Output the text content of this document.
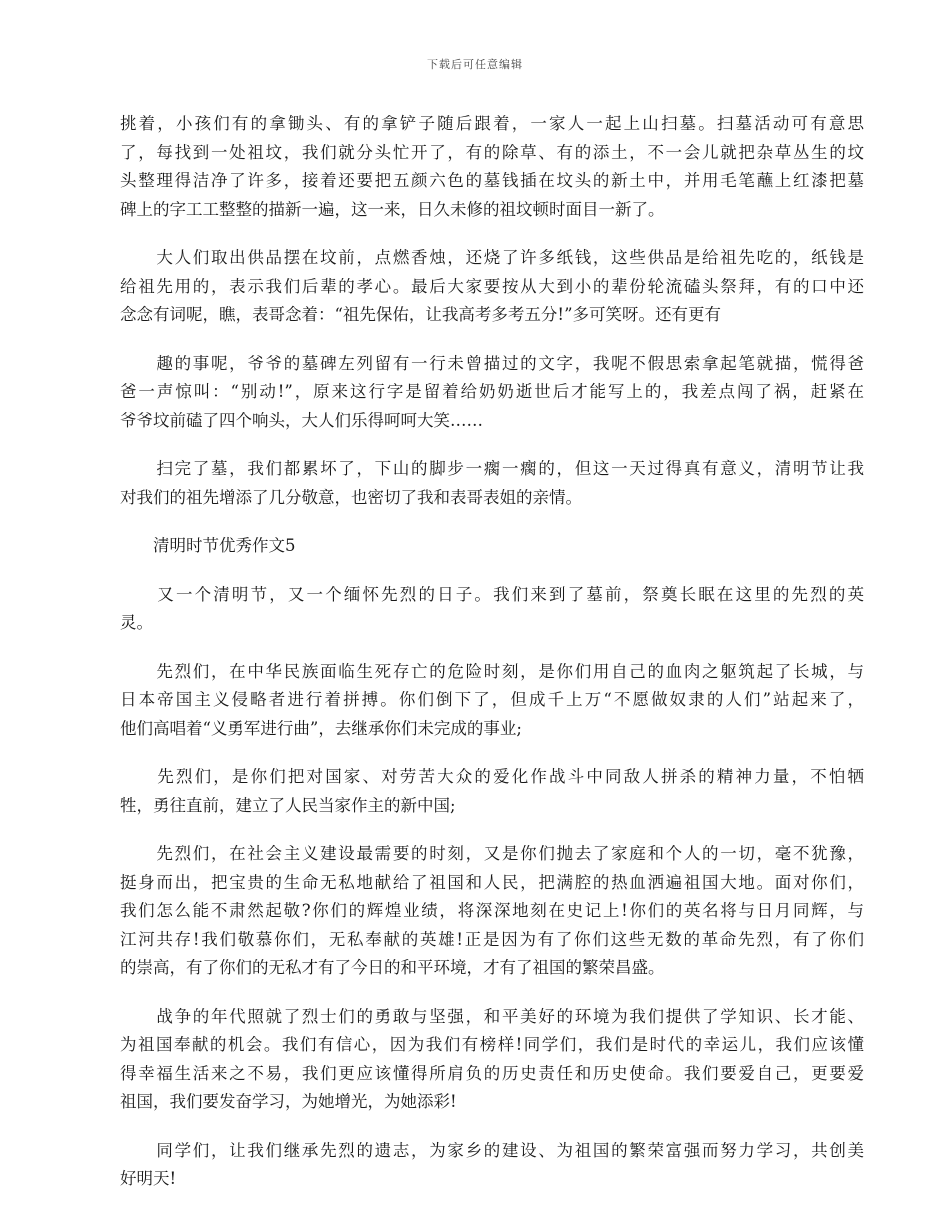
下载后可任意编辑
挑着，小孩们有的拿锄头、有的拿铲子随后跟着，一家人一起上山扫墓。扫墓活动可有意思
了，每找到一处祖坟，我们就分头忙开了，有的除草、有的添土，不一会儿就把杂草丛生的坟
头整理得洁净了许多，接着还要把五颜六色的墓钱插在坟头的新土中，并用毛笔蘸上红漆把墓
碑上的字工工整整的描新一遍，这一来，日久未修的祖坟顿时面目一新了。
　　大人们取出供品摆在坟前，点燃香烛，还烧了许多纸钱，这些供品是给祖先吃的，纸钱是
给祖先用的，表示我们后辈的孝心。最后大家要按从大到小的辈份轮流磕头祭拜，有的口中还
念念有词呢，瞧，表哥念着：“祖先保佑，让我高考多考五分!”多可笑呀。还有更有
　　趣的事呢，爷爷的墓碑左列留有一行未曾描过的文字，我呢不假思索拿起笔就描，慌得爸
爸一声惊叫：“别动!”，原来这行字是留着给奶奶逝世后才能写上的，我差点闯了祸，赶紧在
爷爷坟前磕了四个响头，大人们乐得呵呵大笑……
　　扫完了墓，我们都累坏了，下山的脚步一瘸一瘸的，但这一天过得真有意义，清明节让我
对我们的祖先增添了几分敬意，也密切了我和表哥表姐的亲情。
　　清明时节优秀作文5
　　又一个清明节，又一个缅怀先烈的日子。我们来到了墓前，祭奠长眠在这里的先烈的英
灵。
　　先烈们，在中华民族面临生死存亡的危险时刻，是你们用自己的血肉之躯筑起了长城，与
日本帝国主义侵略者进行着拼搏。你们倒下了，但成千上万“不愿做奴隶的人们”站起来了，
他们高唱着“义勇军进行曲”，去继承你们未完成的事业;
　　先烈们，是你们把对国家、对劳苦大众的爱化作战斗中同敌人拼杀的精神力量，不怕牺
牲，勇往直前，建立了人民当家作主的新中国;
　　先烈们，在社会主义建设最需要的时刻，又是你们抛去了家庭和个人的一切，毫不犹豫，
挺身而出，把宝贵的生命无私地献给了祖国和人民，把满腔的热血洒遍祖国大地。面对你们，
我们怎么能不肃然起敬?你们的辉煌业绩，将深深地刻在史记上!你们的英名将与日月同辉，与
江河共存!我们敬慕你们，无私奉献的英雄!正是因为有了你们这些无数的革命先烈，有了你们
的崇高，有了你们的无私才有了今日的和平环境，才有了祖国的繁荣昌盛。
　　战争的年代照就了烈士们的勇敢与坚强，和平美好的环境为我们提供了学知识、长才能、
为祖国奉献的机会。我们有信心，因为我们有榜样!同学们，我们是时代的幸运儿，我们应该懂
得幸福生活来之不易，我们更应该懂得所肩负的历史责任和历史使命。我们要爱自己，更要爱
祖国，我们要发奋学习，为她增光，为她添彩!
　　同学们，让我们继承先烈的遗志，为家乡的建设、为祖国的繁荣富强而努力学习，共创美
好明天!
